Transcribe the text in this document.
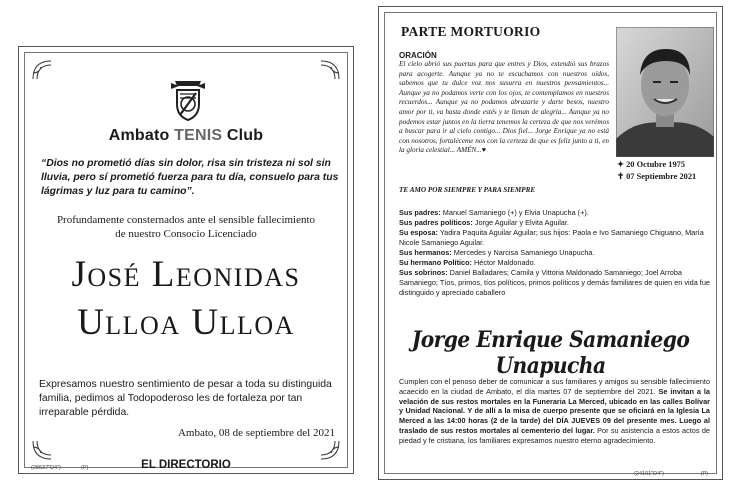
Ambato TENIS Club
“Dios no prometió días sin dolor, risa sin tristeza ni sol sin lluvia, pero sí prometió fuerza para tu día, consuelo para tus lágrimas y luz para tu camino”.
Profundamente consternados ante el sensible fallecimiento
de nuestro Consocio Licenciado
José Leonidas
Ulloa Ulloa
Expresamos nuestro sentimiento de pesar a toda su distinguida familia, pedimos al Todopoderoso les de fortaleza por tan irreparable pérdida.
Ambato, 08 de septiembre del 2021
EL DIRECTORIO
(28637"D4")	(P)
PARTE MORTUORIO
ORACIÓN
El cielo abrió sus puertas para que entres y Dios, extendió sus brazos para acogerte. Aunque ya no te escuchamos con nuestros oídos, sabemos que tu dulce voz nos susurra en nuestros pensamientos... Aunque ya no podamos verte con los ojos, te contemplamos en nuestros recuerdos... Aunque ya no podamos abrazarte y darte besos, nuestro amor por ti, va hasta donde estés y te llenan de alegría... Aunque ya no podemos estar juntos en la tierra tenemos la certeza de que nos verémos a buscar para ir al cielo contigo... Dios fiel... Jorge Enrique ya no está con nosotros, fortaléceme nos con la certeza de que es feliz junto a ti, en la gloria celestial... AMÉN...♥
TE AMO POR SIEMPRE Y PARA SIEMPRE
✦ 20 Octubre 1975
✝ 07 Septiembre 2021
Sus padres: Manuel Samaniego (+) y Elvia Unapucha (+).
Sus padres políticos: Jorge Aguilar y Elvita Aguilar.
Su esposa: Yadira Paquita Aguilar Aguilar; sus hijos: Paola e Ivo Samaniego Chiguano, María Nicole Samaniego Aguilar.
Sus hermanos: Mercedes y Narcisa Samaniego Unapucha.
Su hermano Político: Héctor Maldonado.
Sus sobrinos: Daniel Balladares; Camila y Vittoria Maldonado Samaniego; Joel Arroba Samaniego; Tíos, primos, tíos políticos, primos políticos y demás familiares de quien en vida fue distinguido y apreciado caballero
Jorge Enrique Samaniego Unapucha
Cumplen con el penoso deber de comunicar a sus familiares y amigos su sensible fallecimiento acaecido en la ciudad de Ambato, el día martes 07 de septiembre del 2021. Se invitan a la velación de sus restos mortales en la Funeraria La Merced, ubicado en las calles Bolívar y Unidad Nacional. Y de allí a la misa de cuerpo presente que se oficiará en la Iglesia La Merced a las 14:00 horas (2 de la tarde) del DÍA JUEVES 09 del presente mes. Luego al traslado de sus restos mortales al cementerio del lugar. Por su asistencia a estos actos de piedad y fe cristiana, los familiares expresamos nuestro eterno agradecimiento.
(24101"D4")	(P)
